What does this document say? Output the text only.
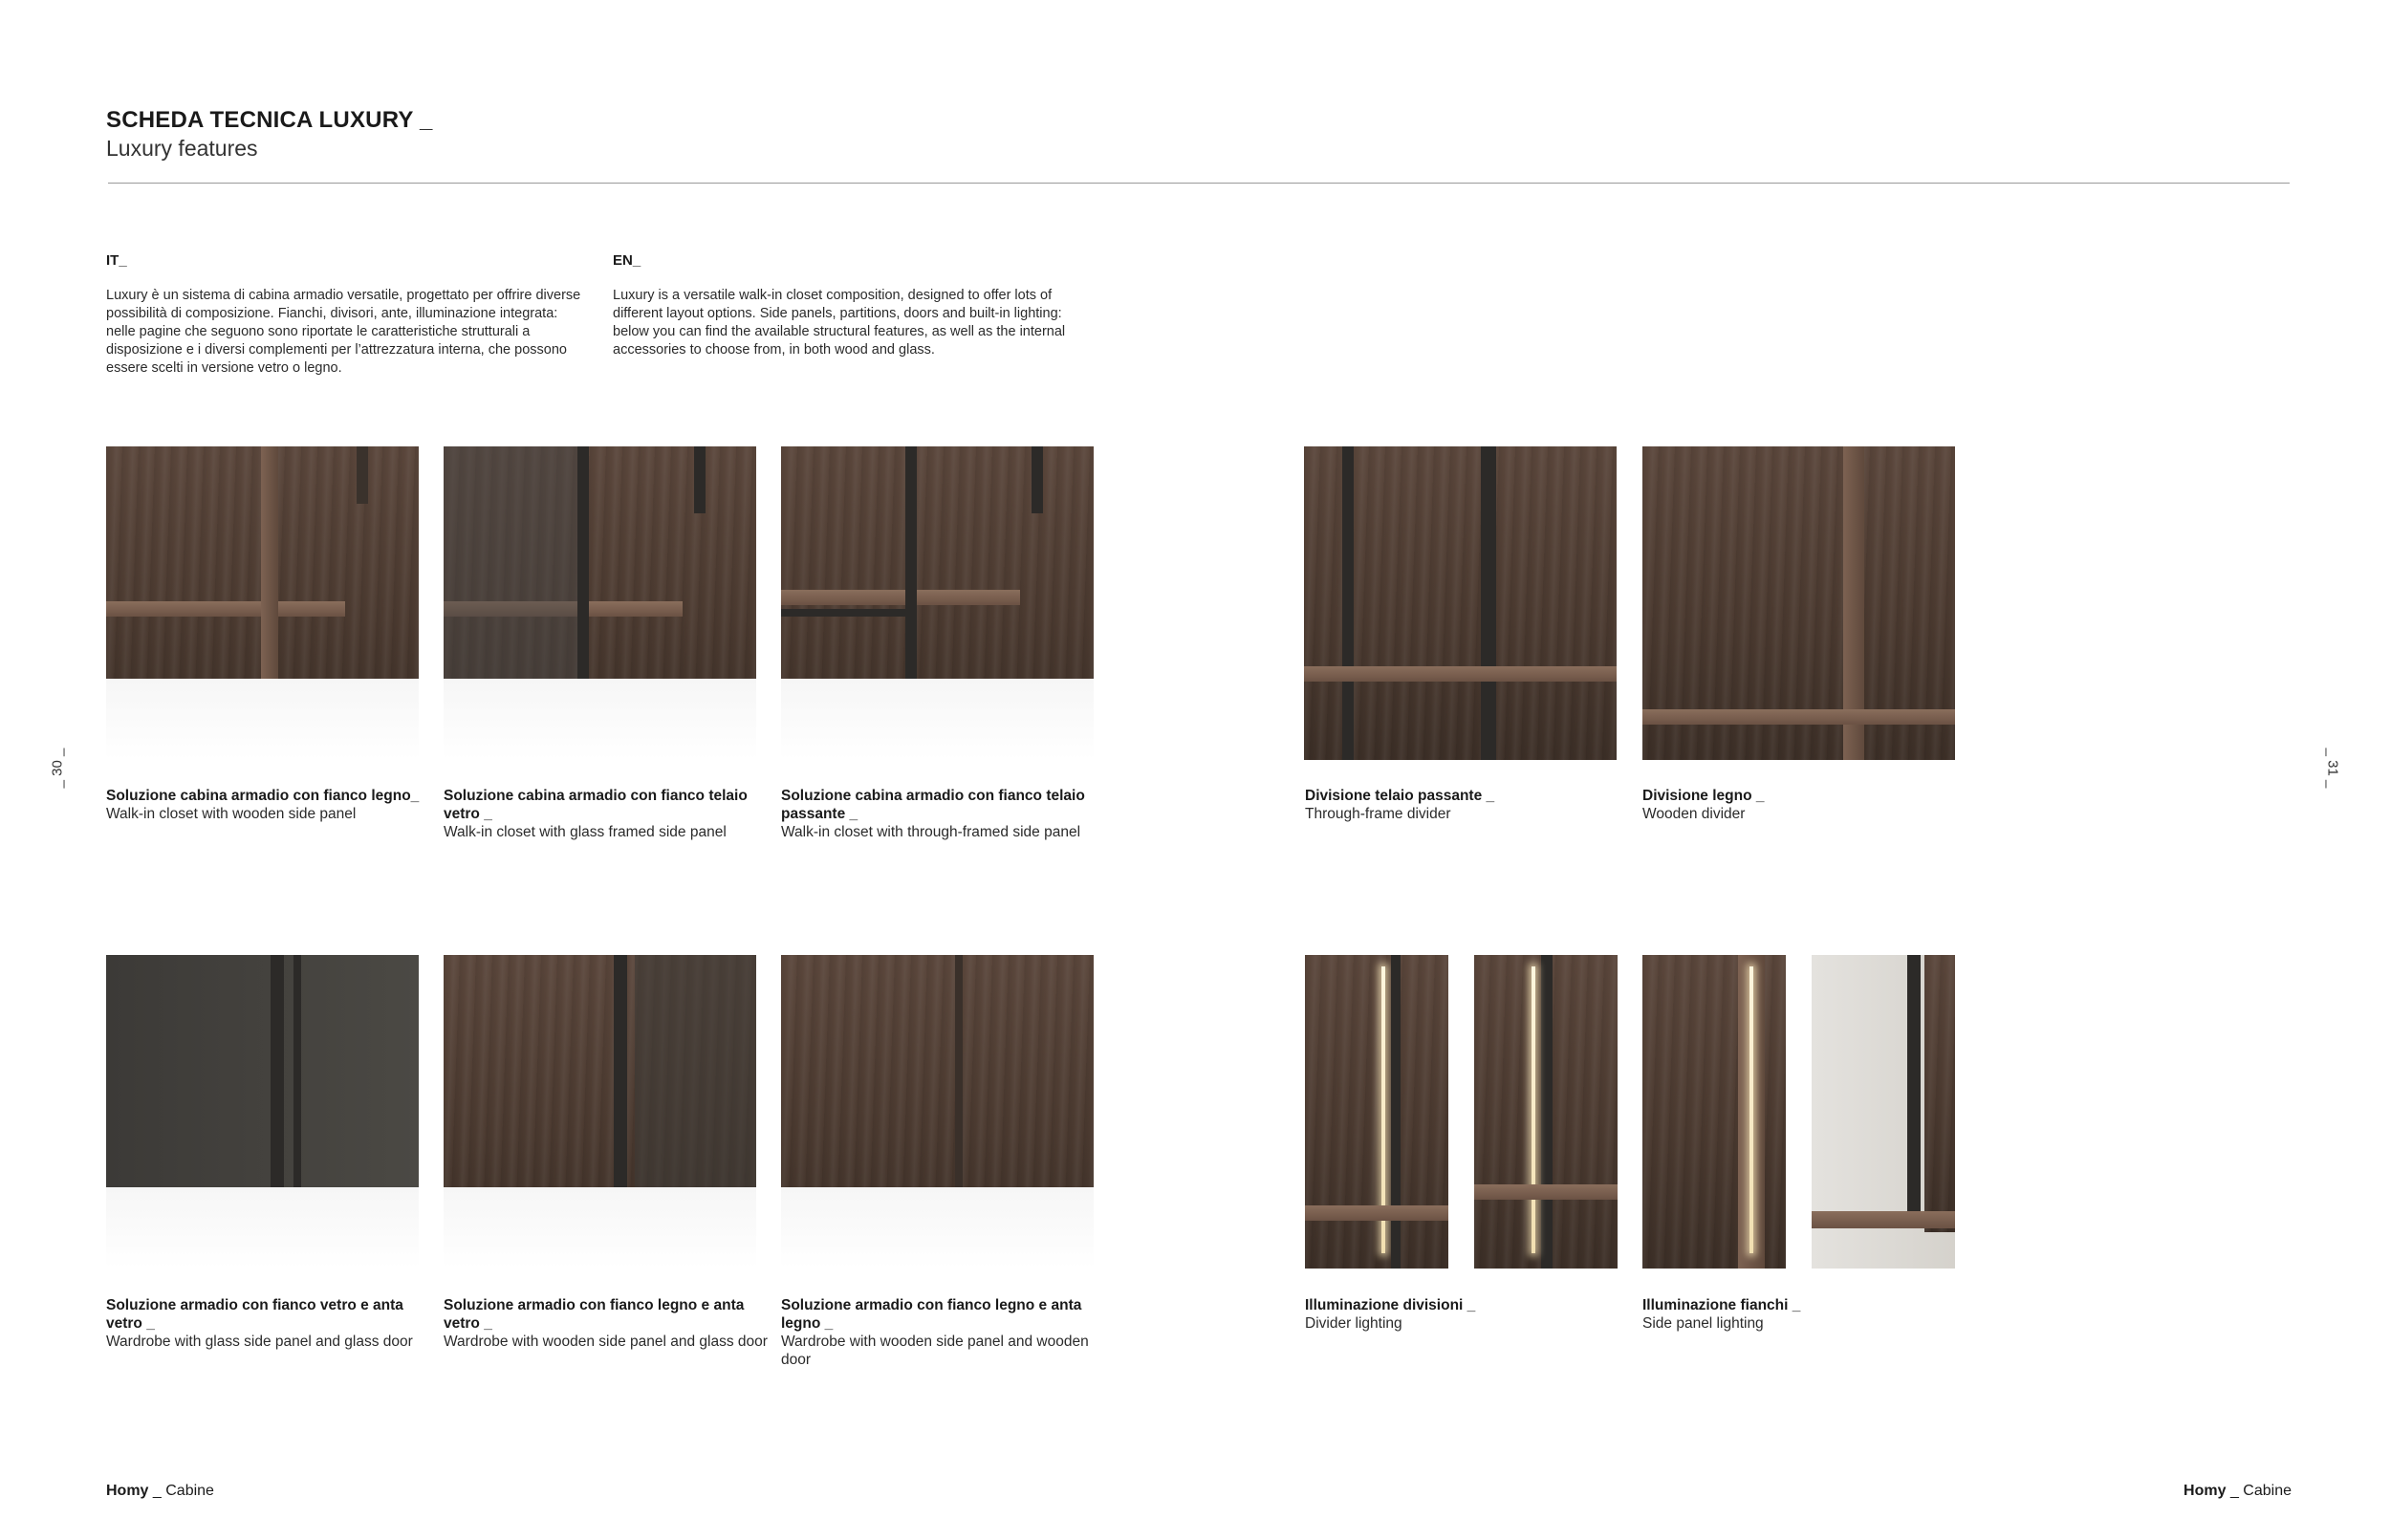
SCHEDA TECNICA LUXURY _
Luxury features
IT_
Luxury è un sistema di cabina armadio versatile, progettato per offrire diverse possibilità di composizione. Fianchi, divisori, ante, illuminazione integrata: nelle pagine che seguono sono riportate le caratteristiche strutturali a disposizione e i diversi complementi per l’attrezzatura interna, che possono essere scelti in versione vetro o legno.
EN_
Luxury is a versatile walk-in closet composition, designed to offer lots of different layout options. Side panels, partitions, doors and built-in lighting: below you can find the available structural features, as well as the internal accessories to choose from, in both wood and glass.
Soluzione cabina armadio con fianco legno_
Walk-in closet with wooden side panel
Soluzione cabina armadio con fianco telaio vetro _
Walk-in closet with glass framed side panel
Soluzione cabina armadio con fianco telaio passante _
Walk-in closet with through-framed side panel
Divisione telaio passante _
Through-frame divider
Divisione legno _
Wooden divider
Soluzione armadio con fianco vetro e anta vetro _
Wardrobe with glass side panel and glass door
Soluzione armadio con fianco legno e anta vetro _
Wardrobe with wooden side panel and glass door
Soluzione armadio con fianco legno e anta legno _
Wardrobe with wooden side panel and wooden door
Illuminazione divisioni _
Divider lighting
Illuminazione fianchi _
Side panel lighting
_ 30 _	_ 31 _
Homy _ Cabine	Homy _ Cabine
